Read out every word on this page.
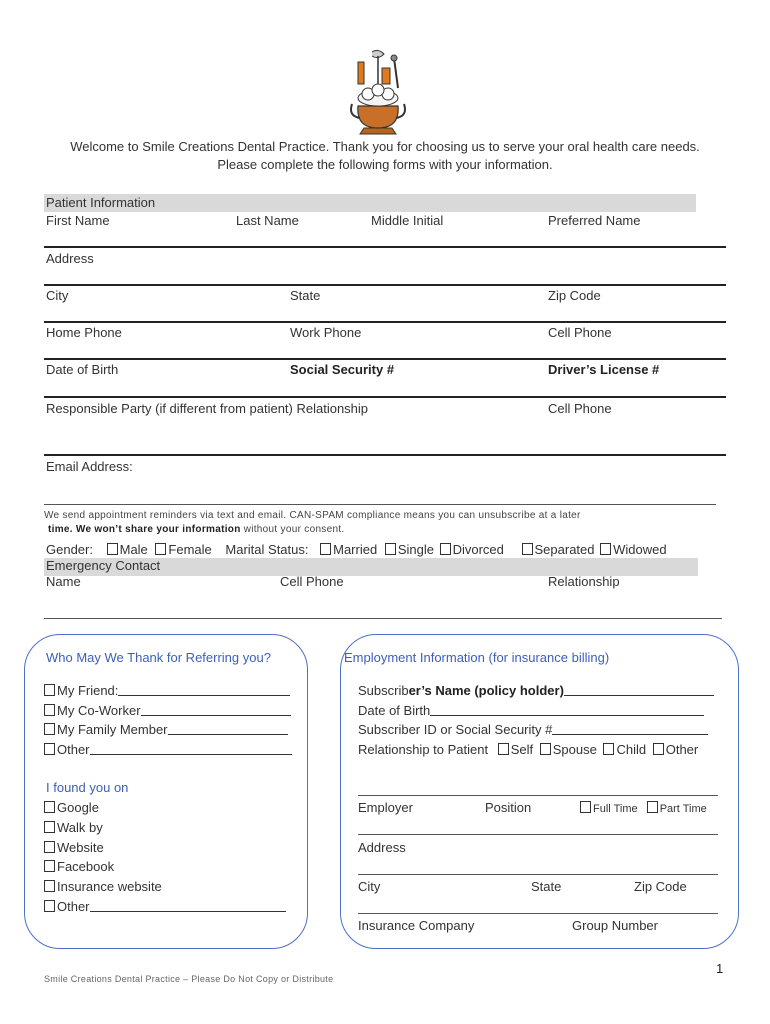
Welcome to Smile Creations Dental Practice. Thank you for choosing us to serve your oral health care needs.
Please complete the following forms with your information.
Patient Information
First Name	Last Name	Middle Initial	Preferred Name
Address
City	State	Zip Code
Home Phone	Work Phone	Cell Phone
Date of Birth	Social Security #	Driver’s License #
Responsible Party (if different from patient) Relationship	Cell Phone
Email Address:
We send appointment reminders via text and email. CAN-SPAM compliance means you can unsubscribe at a later
time. We won’t share your information without your consent.
Gender: Male Female Marital Status: Married Single Divorced Separated Widowed
Emergency Contact
Name	Cell Phone	Relationship
Who May We Thank for Referring you?
My Friend:
My Co-Worker
My Family Member
Other
I found you on
Google
Walk by
Website
Facebook
Insurance website
Other
Employment Information (for insurance billing)
Subscriber’s Name (policy holder)
Date of Birth
Subscriber ID or Social Security #
Relationship to Patient Self Spouse Child Other
Employer	Position	Full Time Part Time
Address
City	State	Zip Code
Insurance Company	Group Number
1
Smile Creations Dental Practice – Please Do Not Copy or Distribute
